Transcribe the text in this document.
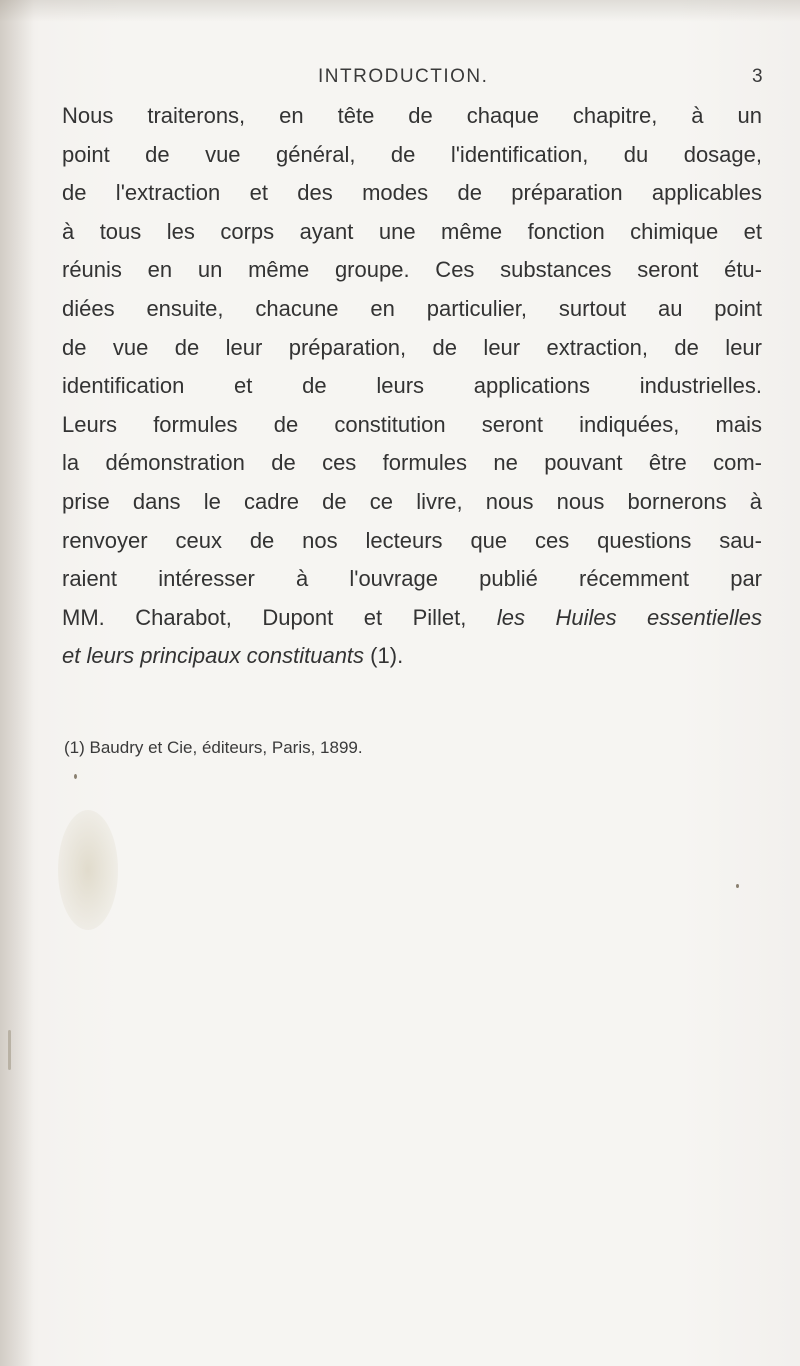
INTRODUCTION.	3
Nous traiterons, en tête de chaque chapitre, à un
point de vue général, de l'identification, du dosage,
de l'extraction et des modes de préparation applicables
à tous les corps ayant une même fonction chimique et
réunis en un même groupe. Ces substances seront étu-
diées ensuite, chacune en particulier, surtout au point
de vue de leur préparation, de leur extraction, de leur
identification et de leurs applications industrielles.
Leurs formules de constitution seront indiquées, mais
la démonstration de ces formules ne pouvant être com-
prise dans le cadre de ce livre, nous nous bornerons à
renvoyer ceux de nos lecteurs que ces questions sau-
raient intéresser à l'ouvrage publié récemment par
MM. Charabot, Dupont et Pillet, les Huiles essentielles
et leurs principaux constituants (1).
(1) Baudry et Cie, éditeurs, Paris, 1899.
